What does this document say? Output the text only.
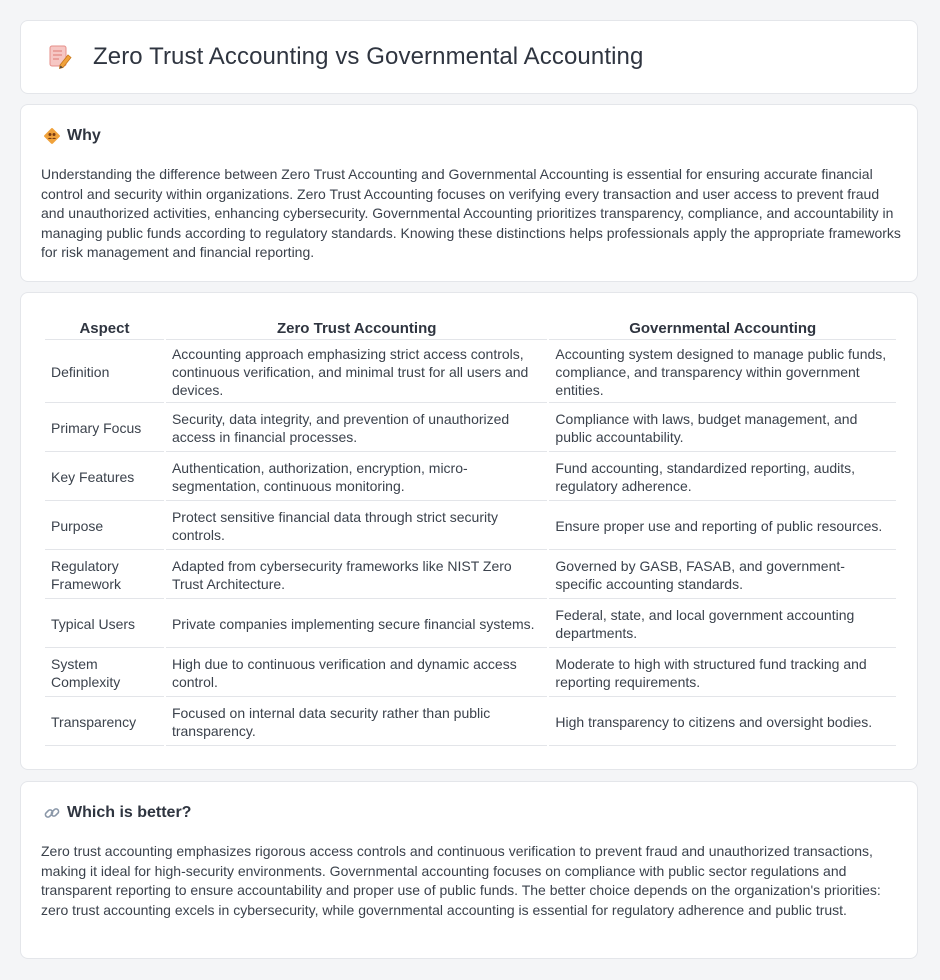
Zero Trust Accounting vs Governmental Accounting
Why
Understanding the difference between Zero Trust Accounting and Governmental Accounting is essential for ensuring accurate financial control and security within organizations. Zero Trust Accounting focuses on verifying every transaction and user access to prevent fraud and unauthorized activities, enhancing cybersecurity. Governmental Accounting prioritizes transparency, compliance, and accountability in managing public funds according to regulatory standards. Knowing these distinctions helps professionals apply the appropriate frameworks for risk management and financial reporting.
Aspect	Zero Trust Accounting	Governmental Accounting
Definition	Accounting approach emphasizing strict access controls, continuous verification, and minimal trust for all users and devices.	Accounting system designed to manage public funds, compliance, and transparency within government entities.
Primary Focus	Security, data integrity, and prevention of unauthorized access in financial processes.	Compliance with laws, budget management, and public accountability.
Key Features	Authentication, authorization, encryption, micro-segmentation, continuous monitoring.	Fund accounting, standardized reporting, audits, regulatory adherence.
Purpose	Protect sensitive financial data through strict security controls.	Ensure proper use and reporting of public resources.
Regulatory Framework	Adapted from cybersecurity frameworks like NIST Zero Trust Architecture.	Governed by GASB, FASAB, and government-specific accounting standards.
Typical Users	Private companies implementing secure financial systems.	Federal, state, and local government accounting departments.
System Complexity	High due to continuous verification and dynamic access control.	Moderate to high with structured fund tracking and reporting requirements.
Transparency	Focused on internal data security rather than public transparency.	High transparency to citizens and oversight bodies.
Which is better?
Zero trust accounting emphasizes rigorous access controls and continuous verification to prevent fraud and unauthorized transactions, making it ideal for high-security environments. Governmental accounting focuses on compliance with public sector regulations and transparent reporting to ensure accountability and proper use of public funds. The better choice depends on the organization's priorities: zero trust accounting excels in cybersecurity, while governmental accounting is essential for regulatory adherence and public trust.
